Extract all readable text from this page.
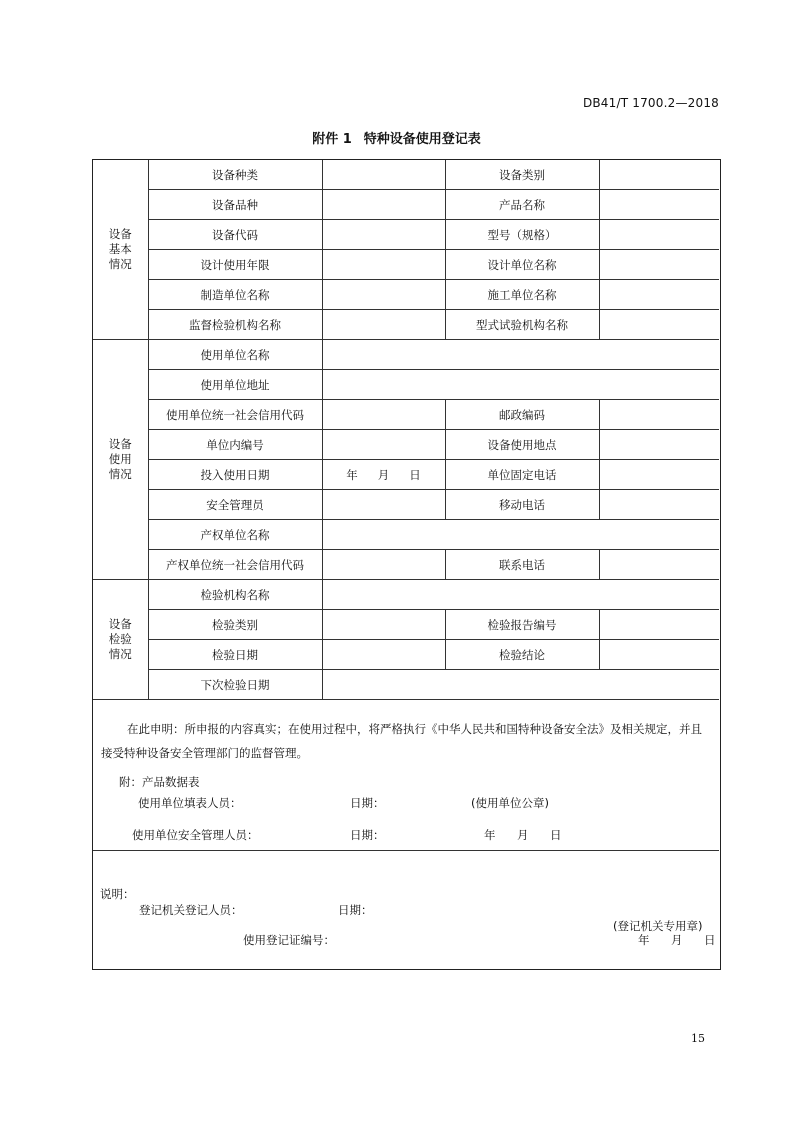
DB41/T 1700.2—2018
附件 1 特种设备使用登记表
设备基本情况	设备种类		设备类别	
	设备品种		产品名称	
	设备代码		型号（规格）	
	设计使用年限		设计单位名称	
	制造单位名称		施工单位名称	
	监督检验机构名称		型式试验机构名称	
设备使用情况	使用单位名称			
	使用单位地址			
	使用单位统一社会信用代码		邮政编码	
	单位内编号		设备使用地点	
	投入使用日期	年 月 日	单位固定电话	
	安全管理员		移动电话	
	产权单位名称			
	产权单位统一社会信用代码		联系电话	
设备检验情况	检验机构名称			
	检验类别		检验报告编号	
	检验日期		检验结论	
	下次检验日期			
在此申明：所申报的内容真实；在使用过程中，将严格执行《中华人民共和国特种设备安全法》及相关规定，并且接受特种设备安全管理部门的监督管理。
附：产品数据表
使用单位填表人员：	日期：	(使用单位公章)
使用单位安全管理人员：	日期：	年 月 日
说明：
登记机关登记人员：	日期：
(登记机关专用章)
使用登记证编号：	年 月 日
15
